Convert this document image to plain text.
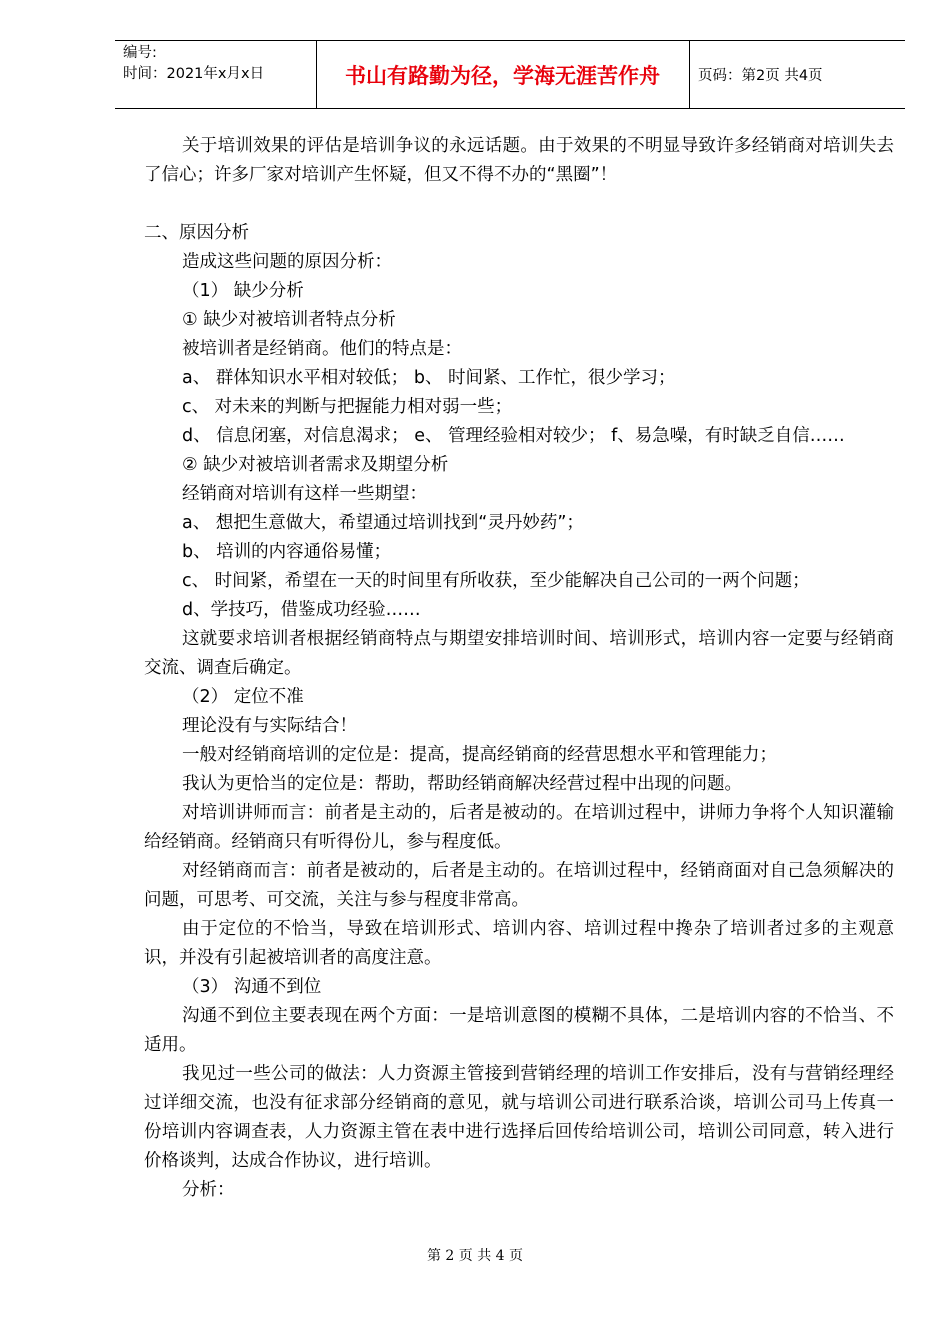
编号:
时间：2021年x月x日	书山有路勤为径，学海无涯苦作舟	页码：第2页 共4页

关于培训效果的评估是培训争议的永远话题。由于效果的不明显导致许多经销商对培训失去了信心；许多厂家对培训产生怀疑，但又不得不办的“黑圈”！

二、原因分析

造成这些问题的原因分析：

（1） 缺少分析

① 缺少对被培训者特点分析

被培训者是经销商。他们的特点是：

a、 群体知识水平相对较低； b、 时间紧、工作忙，很少学习；

c、 对未来的判断与把握能力相对弱一些；

d、 信息闭塞，对信息渴求； e、 管理经验相对较少； f、易急噪，有时缺乏自信……

② 缺少对被培训者需求及期望分析

经销商对培训有这样一些期望：

a、 想把生意做大，希望通过培训找到“灵丹妙药”；

b、 培训的内容通俗易懂；

c、 时间紧，希望在一天的时间里有所收获，至少能解决自己公司的一两个问题；

d、学技巧，借鉴成功经验……

这就要求培训者根据经销商特点与期望安排培训时间、培训形式，培训内容一定要与经销商交流、调查后确定。

（2） 定位不准

理论没有与实际结合！

一般对经销商培训的定位是：提高，提高经销商的经营思想水平和管理能力；

我认为更恰当的定位是：帮助，帮助经销商解决经营过程中出现的问题。

对培训讲师而言：前者是主动的，后者是被动的。在培训过程中，讲师力争将个人知识灌输给经销商。经销商只有听得份儿，参与程度低。

对经销商而言：前者是被动的，后者是主动的。在培训过程中，经销商面对自己急须解决的问题，可思考、可交流，关注与参与程度非常高。

由于定位的不恰当，导致在培训形式、培训内容、培训过程中搀杂了培训者过多的主观意识，并没有引起被培训者的高度注意。

（3） 沟通不到位

沟通不到位主要表现在两个方面：一是培训意图的模糊不具体，二是培训内容的不恰当、不适用。

我见过一些公司的做法：人力资源主管接到营销经理的培训工作安排后，没有与营销经理经过详细交流，也没有征求部分经销商的意见，就与培训公司进行联系洽谈，培训公司马上传真一份培训内容调查表，人力资源主管在表中进行选择后回传给培训公司，培训公司同意，转入进行价格谈判，达成合作协议，进行培训。

分析：

第 2 页 共 4 页
